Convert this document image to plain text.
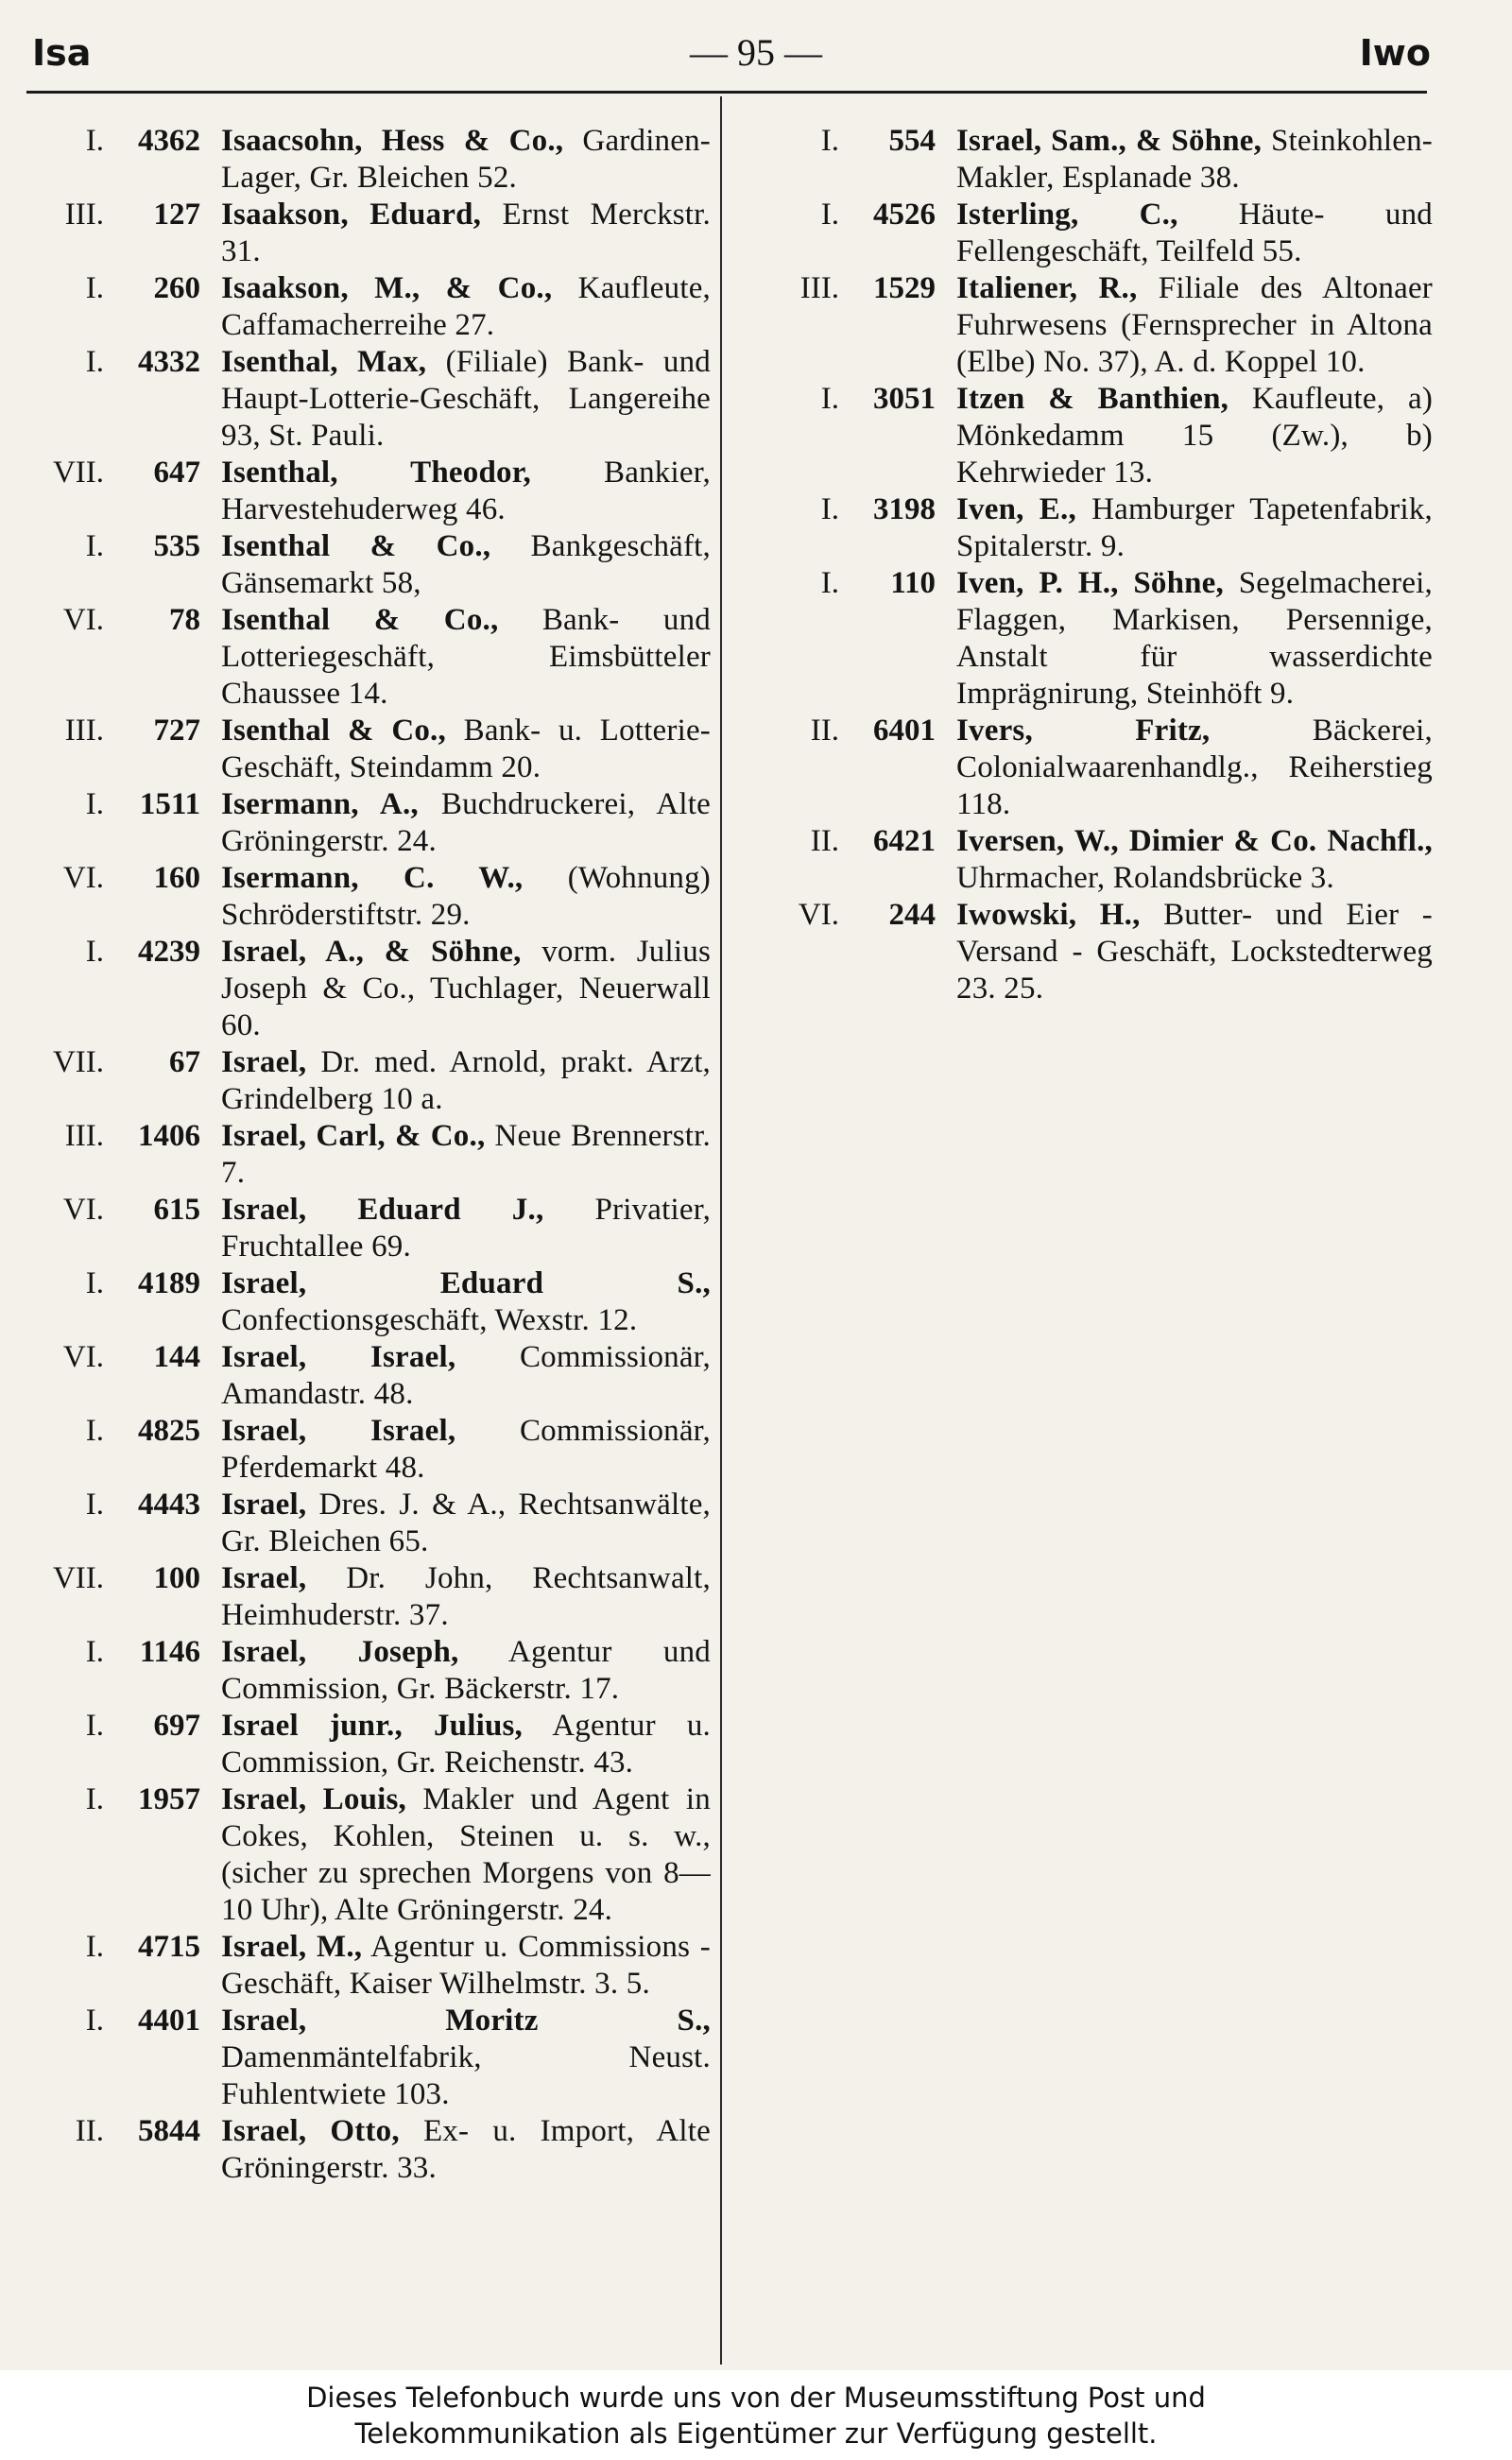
Isa	— 95 —	Iwo
I.	4362 Isaacsohn, Hess & Co., Gardinen-Lager, Gr. Bleichen 52.
III.	127 Isaakson, Eduard, Ernst Merckstr. 31.
I.	260 Isaakson, M., & Co., Kaufleute, Caffamacherreihe 27.
I.	4332 Isenthal, Max, (Filiale) Bank- und Haupt-Lotterie-Geschäft, Langereihe 93, St. Pauli.
VII.	647 Isenthal, Theodor, Bankier, Harvestehuderweg 46.
I.	535 Isenthal & Co., Bankgeschäft, Gänsemarkt 58,
VI.	78 Isenthal & Co., Bank- und Lotteriegeschäft, Eimsbütteler Chaussee 14.
III.	727 Isenthal & Co., Bank- u. Lotterie-Geschäft, Steindamm 20.
I.	1511 Isermann, A., Buchdruckerei, Alte Gröningerstr. 24.
VI.	160 Isermann, C. W., (Wohnung) Schröderstiftstr. 29.
I.	4239 Israel, A., & Söhne, vorm. Julius Joseph & Co., Tuchlager, Neuerwall 60.
VII.	67 Israel, Dr. med. Arnold, prakt. Arzt, Grindelberg 10 a.
III.	1406 Israel, Carl, & Co., Neue Brennerstr. 7.
VI.	615 Israel, Eduard J., Privatier, Fruchtallee 69.
I.	4189 Israel, Eduard S., Confectionsgeschäft, Wexstr. 12.
VI.	144 Israel, Israel, Commissionär, Amandastr. 48.
I.	4825 Israel, Israel, Commissionär, Pferdemarkt 48.
I.	4443 Israel, Dres. J. & A., Rechtsanwälte, Gr. Bleichen 65.
VII.	100 Israel, Dr. John, Rechtsanwalt, Heimhuderstr. 37.
I.	1146 Israel, Joseph, Agentur und Commission, Gr. Bäckerstr. 17.
I.	697 Israel junr., Julius, Agentur u. Commission, Gr. Reichenstr. 43.
I.	1957 Israel, Louis, Makler und Agent in Cokes, Kohlen, Steinen u. s. w., (sicher zu sprechen Morgens von 8—10 Uhr), Alte Gröningerstr. 24.
I.	4715 Israel, M., Agentur u. Commissions - Geschäft, Kaiser Wilhelmstr. 3. 5.
I.	4401 Israel, Moritz S., Damenmäntelfabrik, Neust. Fuhlentwiete 103.
II.	5844 Israel, Otto, Ex- u. Import, Alte Gröningerstr. 33.
I.	554 Israel, Sam., & Söhne, Steinkohlen-Makler, Esplanade 38.
I.	4526 Isterling, C., Häute- und Fellengeschäft, Teilfeld 55.
III.	1529 Italiener, R., Filiale des Altonaer Fuhrwesens (Fernsprecher in Altona (Elbe) No. 37), A. d. Koppel 10.
I.	3051 Itzen & Banthien, Kaufleute, a) Mönkedamm 15 (Zw.), b) Kehrwieder 13.
I.	3198 Iven, E., Hamburger Tapetenfabrik, Spitalerstr. 9.
I.	110 Iven, P. H., Söhne, Segelmacherei, Flaggen, Markisen, Persennige, Anstalt für wasserdichte Imprägnirung, Steinhöft 9.
II.	6401 Ivers, Fritz,	Bäckerei, Colonialwaarenhandlg., Reiherstieg 118.
II.	6421 Iversen, W., Dimier & Co. Nachfl., Uhrmacher, Rolandsbrücke 3.
VI.	244 Iwowski, H., Butter- und Eier - Versand - Geschäft, Lockstedterweg 23. 25.
Dieses Telefonbuch wurde uns von der Museumsstiftung Post und
Telekommunikation als Eigentümer zur Verfügung gestellt.
